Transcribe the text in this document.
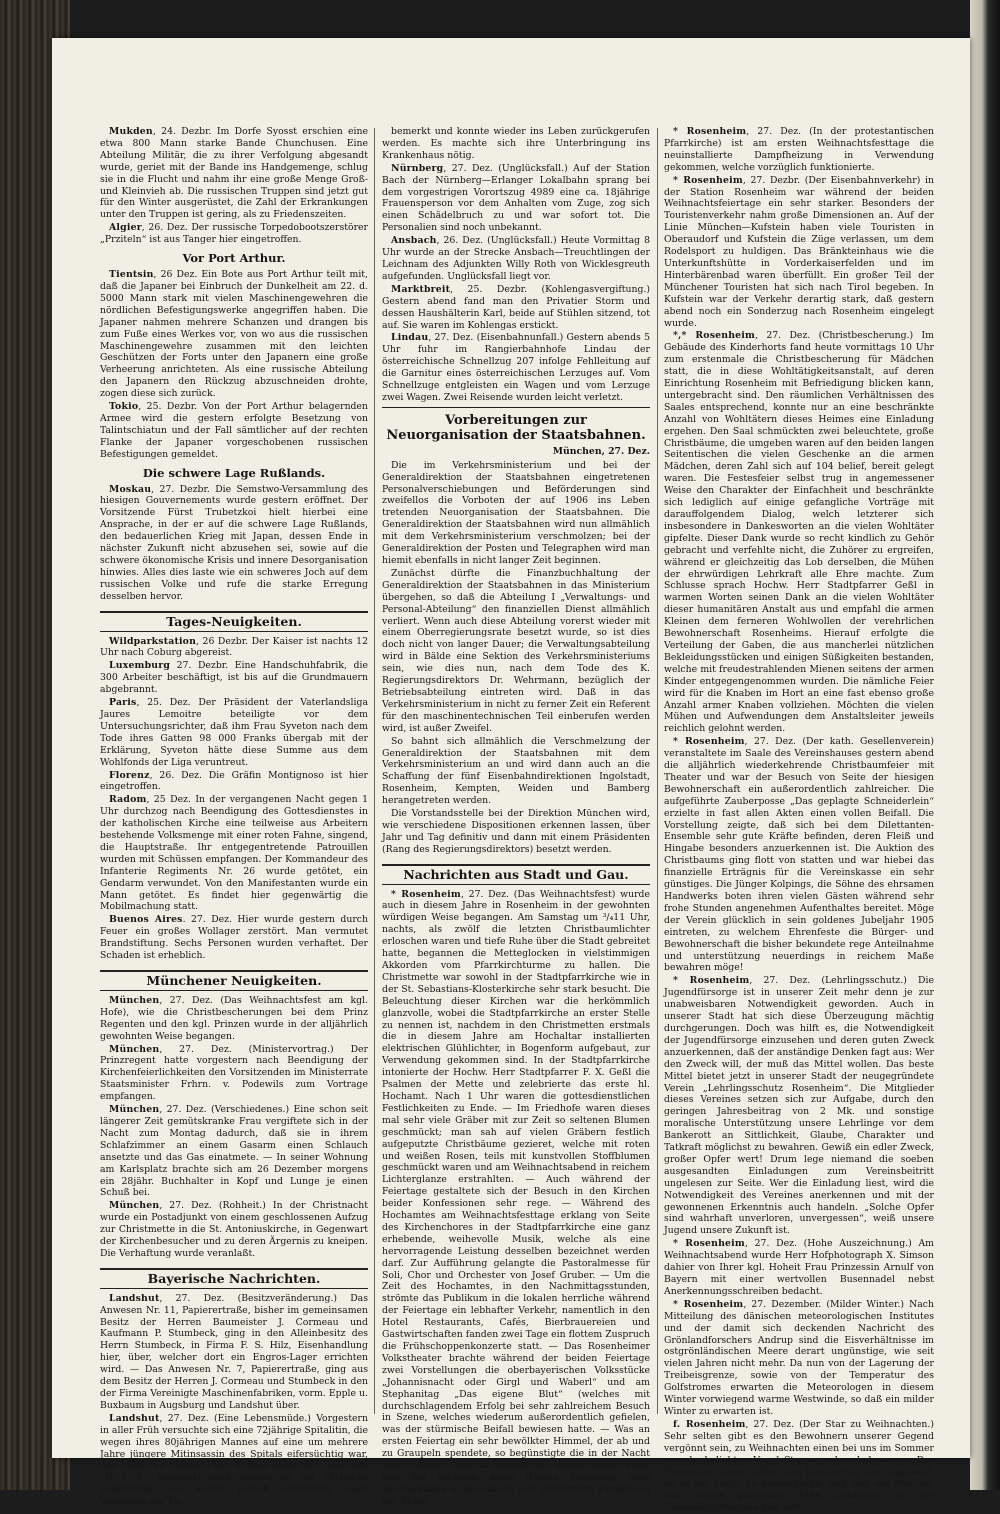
Mukden, 24. Dezbr. Im Dorfe Syosst erschien eine etwa 800 Mann starke Bande Chunchusen. Eine Abteilung Militär, die zu ihrer Verfolgung abgesandt wurde, geriet mit der Bande ins Handgemenge, schlug sie in die Flucht und nahm ihr eine große Menge Groß- und Kleinvieh ab. Die russischen Truppen sind jetzt gut für den Winter ausgerüstet, die Zahl der Erkrankungen unter den Truppen ist gering, als zu Friedenszeiten.

Algier, 26. Dez. Der russische Torpedobootszerstörer „Prziteln“ ist aus Tanger hier eingetroffen.

Vor Port Arthur.

Tientsin, 26 Dez. Ein Bote aus Port Arthur teilt mit, daß die Japaner bei Einbruch der Dunkelheit am 22. d. 5000 Mann stark mit vielen Maschinengewehren die nördlichen Befestigungswerke angegriffen haben. Die Japaner nahmen mehrere Schanzen und drangen bis zum Fuße eines Werkes vor, von wo aus die russischen Maschinengewehre zusammen mit den leichten Geschützen der Forts unter den Japanern eine große Verheerung anrichteten. Als eine russische Abteilung den Japanern den Rückzug abzuschneiden drohte, zogen diese sich zurück.

Tokio, 25. Dezbr. Von der Port Arthur belagernden Armee wird die gestern erfolgte Besetzung von Talintschiatun und der Fall sämtlicher auf der rechten Flanke der Japaner vorgeschobenen russischen Befestigungen gemeldet.

Die schwere Lage Rußlands.

Moskau, 27. Dezbr. Die Semstwo-Versammlung des hiesigen Gouvernements wurde gestern eröffnet. Der Vorsitzende Fürst Trubetzkoi hielt hierbei eine Ansprache, in der er auf die schwere Lage Rußlands, den bedauerlichen Krieg mit Japan, dessen Ende in nächster Zukunft nicht abzusehen sei, sowie auf die schwere ökonomische Krisis und innere Desorganisation hinwies. Alles dies laste wie ein schweres Joch auf dem russischen Volke und rufe die starke Erregung desselben hervor.

Tages-Neuigkeiten.

Wildparkstation, 26 Dezbr. Der Kaiser ist nachts 12 Uhr nach Coburg abgereist.

Luxemburg 27. Dezbr. Eine Handschuhfabrik, die 300 Arbeiter beschäftigt, ist bis auf die Grundmauern abgebrannt.

Paris, 25. Dez. Der Präsident der Vaterlandsliga Jaures Lemoitre beteiligte vor dem Untersuchungsrichter, daß ihm Frau Syveton nach dem Tode ihres Gatten 98 000 Franks übergab mit der Erklärung, Syveton hätte diese Summe aus dem Wohlfonds der Liga veruntreut.

Florenz, 26. Dez. Die Gräfin Montignoso ist hier eingetroffen.

Radom, 25 Dez. In der vergangenen Nacht gegen 1 Uhr durchzog nach Beendigung des Gottesdienstes in der katholischen Kirche eine teilweise aus Arbeitern bestehende Volksmenge mit einer roten Fahne, singend, die Hauptstraße. Ihr entgegentretende Patrouillen wurden mit Schüssen empfangen. Der Kommandeur des Infanterie Regiments Nr. 26 wurde getötet, ein Gendarm verwundet. Von den Manifestanten wurde ein Mann getötet. Es findet hier gegenwärtig die Mobilmachung statt.

Buenos Aires. 27. Dez. Hier wurde gestern durch Feuer ein großes Wollager zerstört. Man vermutet Brandstiftung. Sechs Personen wurden verhaftet. Der Schaden ist erheblich.

Münchener Neuigkeiten.

München, 27. Dez. (Das Weihnachtsfest am kgl. Hofe), wie die Christbescherungen bei dem Prinz Regenten und den kgl. Prinzen wurde in der alljährlich gewohnten Weise begangen.

München, 27. Dez. (Ministervortrag.) Der Prinzregent hatte vorgestern nach Beendigung der Kirchenfeierlichkeiten den Vorsitzenden im Ministerrate Staatsminister Frhrn. v. Podewils zum Vortrage empfangen.

München, 27. Dez. (Verschiedenes.) Eine schon seit längerer Zeit gemütskranke Frau vergiftete sich in der Nacht zum Montag dadurch, daß sie in ihrem Schlafzimmer an einem Gasarm einen Schlauch ansetzte und das Gas einatmete. — In seiner Wohnung am Karlsplatz brachte sich am 26 Dezember morgens ein 28jähr. Buchhalter in Kopf und Lunge je einen Schuß bei.

München, 27. Dez. (Rohheit.) In der Christnacht wurde ein Postadjunkt von einem geschlossenen Aufzug zur Christmette in die St. Antoniuskirche, in Gegenwart der Kirchenbesucher und zu deren Ärgernis zu kneipen. Die Verhaftung wurde veranlaßt.

Bayerische Nachrichten.

Landshut, 27. Dez. (Besitzveränderung.) Das Anwesen Nr. 11, Papierertraße, bisher im gemeinsamen Besitz der Herren Baumeister J. Cormeau und Kaufmann P. Stumbeck, ging in den Alleinbesitz des Herrn Stumbeck, in Firma F. S. Hilz, Eisenhandlung hier, über, welcher dort ein Engros-Lager errichten wird. — Das Anwesen Nr. 7, Papierertraße, ging aus dem Besitz der Herren J. Cormeau und Stumbeck in den der Firma Vereinigte Maschinenfabriken, vorm. Epple u. Buxbaum in Augsburg und Landshut über.

Landshut, 27. Dez. (Eine Lebensmüde.) Vorgestern in aller Früh versuchte sich eine 72jährige Spitalitin, die wegen ihres 80jährigen Mannes auf eine um mehrere Jahre jüngere Mitinsassin des Spitals eifersüchtig war, das Leben zu nehmen. Die Armste hatte sich, wie dem „N. f. B.“ gemeldet wird, bereits an der Türklinke aufgehängt; sie wurde jedoch rechtzeitig nach Verübung der Tat

bemerkt und konnte wieder ins Leben zurückgerufen werden. Es machte sich ihre Unterbringung ins Krankenhaus nötig.

Nürnberg, 27. Dez. (Unglücksfall.) Auf der Station Bach der Nürnberg—Erlanger Lokalbahn sprang bei dem vorgestrigen Vorortszug 4989 eine ca. 18jährige Frauensperson vor dem Anhalten vom Zuge, zog sich einen Schädelbruch zu und war sofort tot. Die Personalien sind noch unbekannt.

Ansbach, 26. Dez. (Unglücksfall.) Heute Vormittag 8 Uhr wurde an der Strecke Ansbach—Treuchtlingen der Leichnam des Adjunkten Willy Roth von Wicklesgreuth aufgefunden. Unglücksfall liegt vor.

Marktbreit, 25. Dezbr. (Kohlengasvergiftung.) Gestern abend fand man den Privatier Storm und dessen Haushälterin Karl, beide auf Stühlen sitzend, tot auf. Sie waren im Kohlengas erstickt.

Lindau, 27. Dez. (Eisenbahnunfall.) Gestern abends 5 Uhr fuhr im Rangierbahnhofe Lindau der österreichische Schnellzug 207 infolge Fehlleitung auf die Garnitur eines österreichischen Lerzuges auf. Vom Schnellzuge entgleisten ein Wagen und vom Lerzuge zwei Wagen. Zwei Reisende wurden leicht verletzt.

Vorbereitungen zur Neuorganisation der Staatsbahnen.
München, 27. Dez.

Die im Verkehrsministerium und bei der Generaldirektion der Staatsbahnen eingetretenen Personalverschiebungen und Beförderungen sind zweifellos die Vorboten der auf 1906 ins Leben tretenden Neuorganisation der Staatsbahnen. Die Generaldirektion der Staatsbahnen wird nun allmählich mit dem Verkehrsministerium verschmolzen; bei der Generaldirektion der Posten und Telegraphen wird man hiemit ebenfalls in nicht langer Zeit beginnen.

Zunächst dürfte die Finanzbuchhaltung der Generaldirektion der Staatsbahnen in das Ministerium übergehen, so daß die Abteilung I „Verwaltungs- und Personal-Abteilung“ den finanziellen Dienst allmählich verliert. Wenn auch diese Abteilung vorerst wieder mit einem Oberregierungsrate besetzt wurde, so ist dies doch nicht von langer Dauer; die Verwaltungsabteilung wird in Bälde eine Sektion des Verkehrsministeriums sein, wie dies nun, nach dem Tode des K. Regierungsdirektors Dr. Wehrmann, bezüglich der Betriebsabteilung eintreten wird. Daß in das Verkehrsministerium in nicht zu ferner Zeit ein Referent für den maschinentechnischen Teil einberufen werden wird, ist außer Zweifel.

So bahnt sich allmählich die Verschmelzung der Generaldirektion der Staatsbahnen mit dem Verkehrsministerium an und wird dann auch an die Schaffung der fünf Eisenbahndirektionen Ingolstadt, Rosenheim, Kempten, Weiden und Bamberg herangetreten werden.

Die Vorstandsstelle bei der Direktion München wird, wie verschiedene Dispositionen erkennen lassen, über Jahr und Tag definitiv und dann mit einem Präsidenten (Rang des Regierungsdirektors) besetzt werden.

Nachrichten aus Stadt und Gau.

* Rosenheim, 27. Dez. (Das Weihnachtsfest) wurde auch in diesem Jahre in Rosenheim in der gewohnten würdigen Weise begangen. Am Samstag um ³/₄11 Uhr, nachts, als zwölf die letzten Christbaumlichter erloschen waren und tiefe Ruhe über die Stadt gebreitet hatte, begannen die Metteglocken in vielstimmigen Akkorden vom Pfarrkirchturme zu hallen. Die Christmette war sowohl in der Stadtpfarrkirche wie in der St. Sebastians-Klosterkirche sehr stark besucht. Die Beleuchtung dieser Kirchen war die herkömmlich glanzvolle, wobei die Stadtpfarrkirche an erster Stelle zu nennen ist, nachdem in den Christmetten erstmals die in diesem Jahre am Hochaltar installierten elektrischen Glühlichter, in Bogenform aufgebaut, zur Verwendung gekommen sind. In der Stadtpfarrkirche intonierte der Hochw. Herr Stadtpfarrer F. X. Geßl die Psalmen der Mette und zelebrierte das erste hl. Hochamt. Nach 1 Uhr waren die gottesdienstlichen Festlichkeiten zu Ende. — Im Friedhofe waren dieses mal sehr viele Gräber mit zur Zeit so seltenen Blumen geschmückt; man sah auf vielen Gräbern festlich aufgeputzte Christbäume gezieret, welche mit roten und weißen Rosen, teils mit kunstvollen Stoffblumen geschmückt waren und am Weihnachtsabend in reichem Lichterglanze erstrahlten. — Auch während der Feiertage gestaltete sich der Besuch in den Kirchen beider Konfessionen sehr rege. — Während des Hochamtes am Weihnachtsfesttage erklang von Seite des Kirchenchores in der Stadtpfarrkirche eine ganz erhebende, weihevolle Musik, welche als eine hervorragende Leistung desselben bezeichnet werden darf. Zur Aufführung gelangte die Pastoralmesse für Soli, Chor und Orchester von Josef Gruber. — Um die Zeit des Hochamtes, in den Nachmittagsstunden, strömte das Publikum in die lokalen herrliche während der Feiertage ein lebhafter Verkehr, namentlich in den Hotel Restaurants, Cafés, Bierbrauereien und Gastwirtschaften fanden zwei Tage ein flottem Zuspruch die Frühschoppenkonzerte statt. — Das Rosenheimer Volkstheater brachte während der beiden Feiertage zwei Vorstellungen die oberbayerischen Volksstücke „Johannisnacht oder Girgl und Waberl“ und am Stephanitag „Das eigene Blut“ (welches mit durchschlagendem Erfolg bei sehr zahlreichem Besuch in Szene, welches wiederum außerordentlich gefielen, was der stürmische Beifall bewiesen hatte. — Was an ersten Feiertag ein sehr bewölkter Himmel, der ab und zu Graupeln spendete, so begünstigte die in der Nacht zum zweiten Weihnachtsfeiertage eingetretene Frost und der folgende klare frische Wintertag viele Spaziergänge in die nähere und entferntere Umgebung der Stadt.

* Rosenheim, 27. Dez. (In der protestantischen Pfarrkirche) ist am ersten Weihnachtsfesttage die neuinstallierte Dampfheizung in Verwendung gekommen, welche vorzüglich funktionierte.

* Rosenheim, 27. Dezbr. (Der Eisenbahnverkehr) in der Station Rosenheim war während der beiden Weihnachtsfeiertage ein sehr starker. Besonders der Touristenverkehr nahm große Dimensionen an. Auf der Linie München—Kufstein haben viele Touristen in Oberaudorf und Kufstein die Züge verlassen, um dem Rodelsport zu huldigen. Das Bränkteinhaus wie die Unterkunftshütte in Vorderkaiserfelden und im Hinterbärenbad waren überfüllt. Ein großer Teil der Münchener Touristen hat sich nach Tirol begeben. In Kufstein war der Verkehr derartig stark, daß gestern abend noch ein Sonderzug nach Rosenheim eingelegt wurde.

*,* Rosenheim, 27. Dez. (Christbescherung.) Im Gebäude des Kinderhorts fand heute vormittags 10 Uhr zum erstenmale die Christbescherung für Mädchen statt, die in diese Wohltätigkeitsanstalt, auf deren Einrichtung Rosenheim mit Befriedigung blicken kann, untergebracht sind. Den räumlichen Verhältnissen des Saales entsprechend, konnte nur an eine beschränkte Anzahl von Wohltätern dieses Heimes eine Einladung ergehen. Den Saal schmückten zwei beleuchtete, große Christbäume, die umgeben waren auf den beiden langen Seitentischen die vielen Geschenke an die armen Mädchen, deren Zahl sich auf 104 belief, bereit gelegt waren. Die Festesfeier selbst trug in angemessener Weise den Charakter der Einfachheit und beschränkte sich lediglich auf einige gefangliche Vorträge mit darauffolgendem Dialog, welch letzterer sich insbesondere in Dankesworten an die vielen Wohltäter gipfelte. Dieser Dank wurde so recht kindlich zu Gehör gebracht und verfehlte nicht, die Zuhörer zu ergreifen, während er gleichzeitig das Lob derselben, die Mühen der ehrwürdigen Lehrkraft alle Ehre machte. Zum Schlusse sprach Hochw. Herr Stadtpfarrer Geßl in warmen Worten seinen Dank an die vielen Wohltäter dieser humanitären Anstalt aus und empfahl die armen Kleinen dem ferneren Wohlwollen der verehrlichen Bewohnerschaft Rosenheims. Hierauf erfolgte die Verteilung der Gaben, die aus mancherlei nützlichen Bekleidungsstücken und einigen Süßigkeiten bestanden, welche mit freudestrahlenden Mienen seitens der armen Kinder entgegengenommen wurden. Die nämliche Feier wird für die Knaben im Hort an eine fast ebenso große Anzahl armer Knaben vollziehen. Möchten die vielen Mühen und Aufwendungen dem Anstaltsleiter jeweils reichlich gelohnt werden.

* Rosenheim, 27. Dez. (Der kath. Gesellenverein) veranstaltete im Saale des Vereinshauses gestern abend die alljährlich wiederkehrende Christbaumfeier mit Theater und war der Besuch von Seite der hiesigen Bewohnerschaft ein außerordentlich zahlreicher. Die aufgeführte Zauberposse „Das geplagte Schneiderlein“ erzielte in fast allen Akten einen vollen Beifall. Die Vorstellung zeigte, daß sich bei dem Dilettanten-Ensemble sehr gute Kräfte befinden, deren Fleiß und Hingabe besonders anzuerkennen ist. Die Auktion des Christbaums ging flott von statten und war hiebei das finanzielle Erträgnis für die Vereinskasse ein sehr günstiges. Die Jünger Kolpings, die Söhne des ehrsamen Handwerks boten ihren vielen Gästen während sehr frohe Stunden angenehmen Aufenthaltes bereitet. Möge der Verein glücklich in sein goldenes Jubeljahr 1905 eintreten, zu welchem Ehrenfeste die Bürger- und Bewohnerschaft die bisher bekundete rege Anteilnahme und unterstützung neuerdings in reichem Maße bewahren möge!

* Rosenheim, 27. Dez. (Lehrlingsschutz.) Die Jugendfürsorge ist in unserer Zeit mehr denn je zur unabweisbaren Notwendigkeit geworden. Auch in unserer Stadt hat sich diese Überzeugung mächtig durchgerungen. Doch was hilft es, die Notwendigkeit der Jugendfürsorge einzusehen und deren guten Zweck anzuerkennen, daß der anständige Denken fagt aus: Wer den Zweck will, der muß das Mittel wollen. Das beste Mittel bietet jetzt in unserer Stadt der neugegründete Verein „Lehrlingsschutz Rosenheim“. Die Mitglieder dieses Vereines setzen sich zur Aufgabe, durch den geringen Jahresbeitrag von 2 Mk. und sonstige moralische Unterstützung unsere Lehrlinge vor dem Bankerott an Sittlichkeit, Glaube, Charakter und Tatkraft möglichst zu bewahren. Gewiß ein edler Zweck, großer Opfer wert! Drum lege niemand die soeben ausgesandten Einladungen zum Vereinsbeitritt ungelesen zur Seite. Wer die Einladung liest, wird die Notwendigkeit des Vereines anerkennen und mit der gewonnenen Erkenntnis auch handeln. „Solche Opfer sind wahrhaft unverloren, unvergessen“, weiß unsere Jugend unsere Zukunft ist.

* Rosenheim, 27. Dez. (Hohe Auszeichnung.) Am Weihnachtsabend wurde Herr Hofphotograph X. Simson dahier von Ihrer kgl. Hoheit Frau Prinzessin Arnulf von Bayern mit einer wertvollen Busennadel nebst Anerkennungsschreiben bedacht.

* Rosenheim, 27. Dezember. (Milder Winter.) Nach Mitteilung des dänischen meteorologischen Institutes und der damit sich deckenden Nachricht des Grönlandforschers Andrup sind die Eisverhältnisse im ostgrönländischen Meere derart ungünstige, wie seit vielen Jahren nicht mehr. Da nun von der Lagerung der Treibeisgrenze, sowie von der Temperatur des Golfstromes erwarten die Meteorologen in diesem Winter vorwiegend warme Westwinde, so daß ein milder Winter zu erwarten ist.

f. Rosenheim, 27. Dez. (Der Star zu Weihnachten.) Sehr selten gibt es den Bewohnern unserer Gegend vergönnt sein, zu Weihnachten einen bei uns im Sommer so sehr beliebten Vogel Star zu sehen bekommen. Der Einsender dieser Zeilen, ein Beobachter der Vogelwelt, ist in der Lage, zu konstatieren, daß sich ein Star bei sehr schön gelegenen Villa „Jahnweh“ in der Gabelsbergerstraße hier satt
